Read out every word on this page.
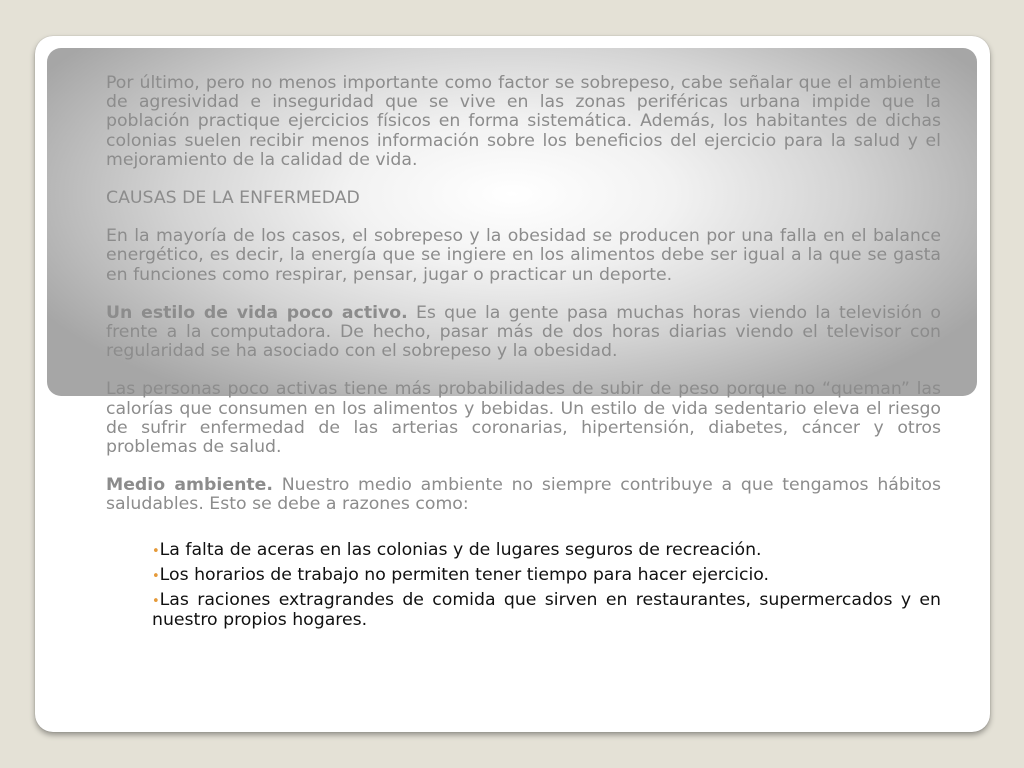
Por último, pero no menos importante como factor se sobrepeso, cabe señalar que el ambiente de agresividad e inseguridad que se vive en las zonas periféricas urbana impide que la población practique ejercicios físicos en forma sistemática. Además, los habitantes de dichas colonias suelen recibir menos información sobre los beneficios del ejercicio para la salud y el mejoramiento de la calidad de vida.

CAUSAS DE LA ENFERMEDAD

En la mayoría de los casos, el sobrepeso y la obesidad se producen por una falla en el balance energético, es decir, la energía que se ingiere en los alimentos debe ser igual a la que se gasta en funciones como respirar, pensar, jugar o practicar un deporte.

Un estilo de vida poco activo. Es que la gente pasa muchas horas viendo la televisión o frente a la computadora. De hecho, pasar más de dos horas diarias viendo el televisor con regularidad se ha asociado con el sobrepeso y la obesidad.

Las personas poco activas tiene más probabilidades de subir de peso porque no “queman” las calorías que consumen en los alimentos y bebidas. Un estilo de vida sedentario eleva el riesgo de sufrir enfermedad de las arterias coronarias, hipertensión, diabetes, cáncer y otros problemas de salud.

Medio ambiente. Nuestro medio ambiente no siempre contribuye a que tengamos hábitos saludables. Esto se debe a razones como:

•La falta de aceras en las colonias y de lugares seguros de recreación.
•Los horarios de trabajo no permiten tener tiempo para hacer ejercicio.
•Las raciones extragrandes de comida que sirven en restaurantes, supermercados y en nuestro propios hogares.
